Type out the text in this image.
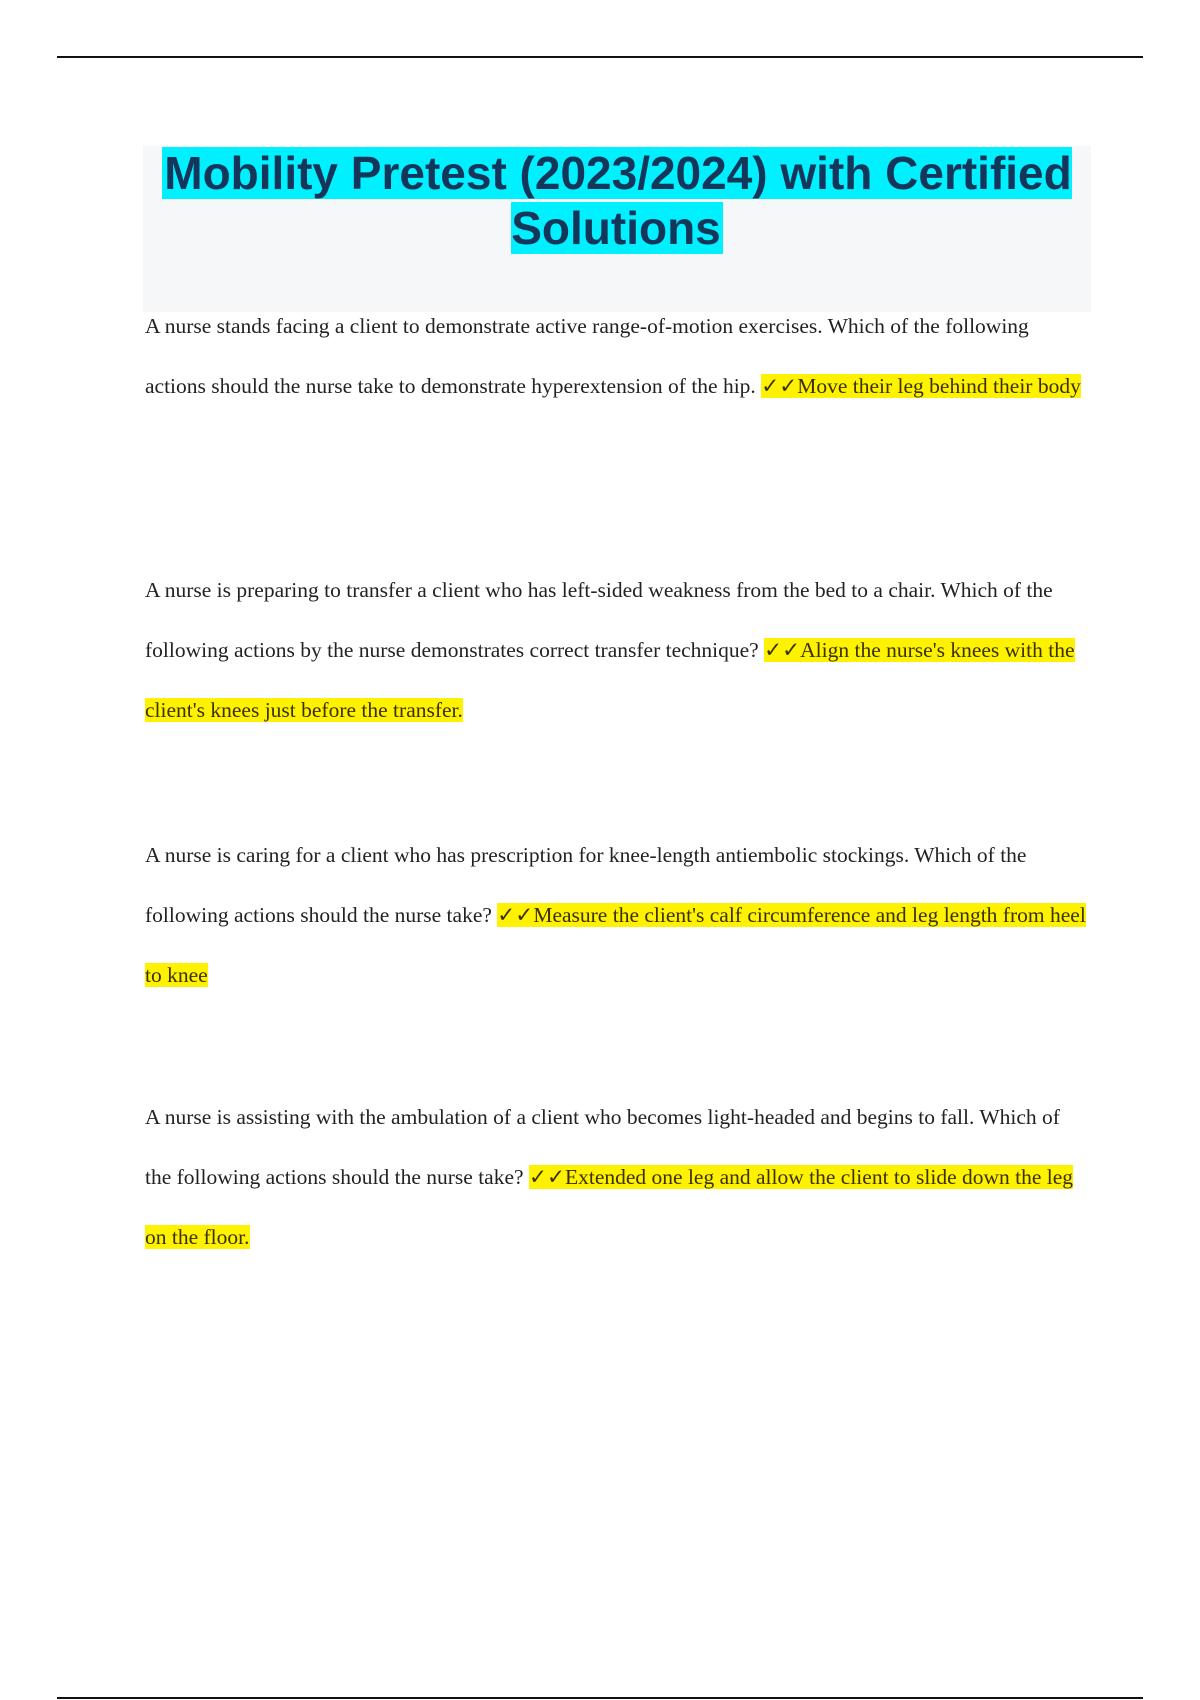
Mobility Pretest (2023/2024) with Certified Solutions

A nurse stands facing a client to demonstrate active range-of-motion exercises. Which of the following actions should the nurse take to demonstrate hyperextension of the hip. ✓✓Move their leg behind their body

A nurse is preparing to transfer a client who has left-sided weakness from the bed to a chair. Which of the following actions by the nurse demonstrates correct transfer technique? ✓✓Align the nurse's knees with the client's knees just before the transfer.

A nurse is caring for a client who has prescription for knee-length antiembolic stockings. Which of the following actions should the nurse take? ✓✓Measure the client's calf circumference and leg length from heel to knee

A nurse is assisting with the ambulation of a client who becomes light-headed and begins to fall. Which of the following actions should the nurse take? ✓✓Extended one leg and allow the client to slide down the leg on the floor.
